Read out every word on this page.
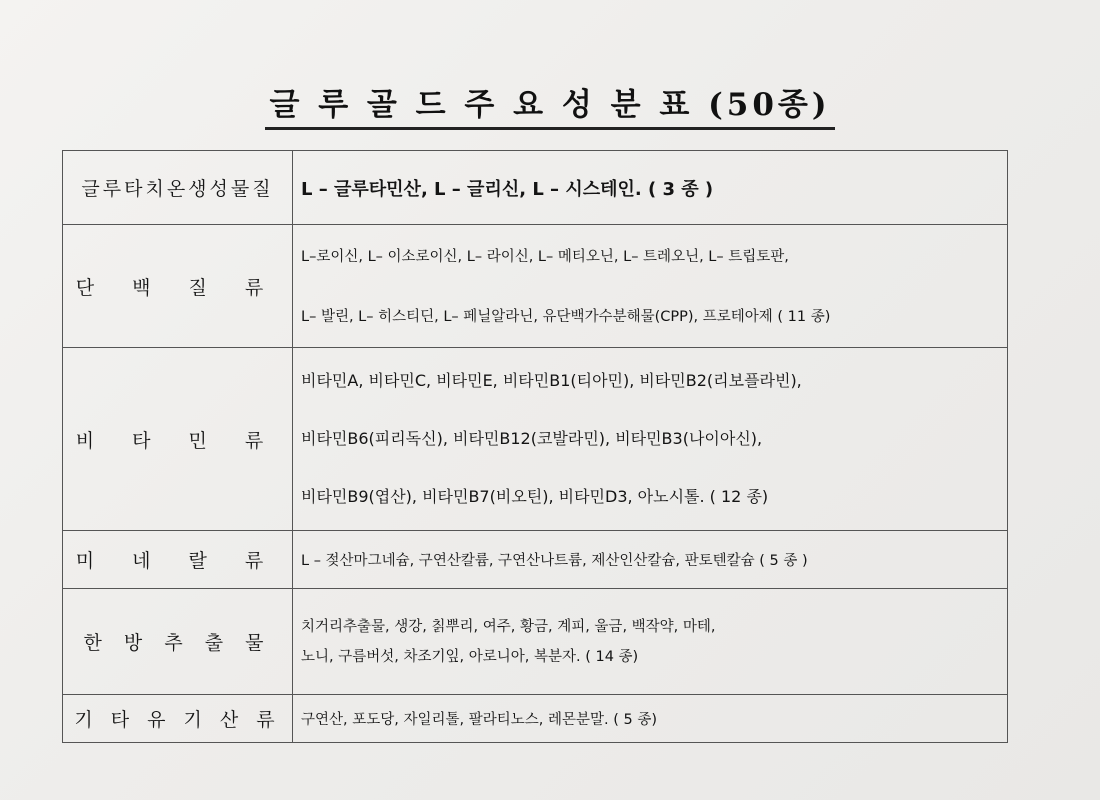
글 루 골 드 주 요 성 분 표 (50종)
글루타치온생성물질	L – 글루타민산, L – 글리신, L – 시스테인. ( 3 종 )

단 백 질 류	L–로이신, L– 이소로이신, L– 라이신, L– 메티오닌, L– 트레오닌, L– 트립토판,
L– 발린, L– 히스티딘, L– 페닐알라닌, 유단백가수분해물(CPP), 프로테아제 ( 11 종)

비 타 민 류	비타민A, 비타민C, 비타민E, 비타민B1(티아민), 비타민B2(리보플라빈),
비타민B6(피리독신), 비타민B12(코발라민), 비타민B3(나이아신),
비타민B9(엽산), 비타민B7(비오틴), 비타민D3, 아노시톨. ( 12 종)

미 네 랄 류	L – 젖산마그네슘, 구연산칼륨, 구연산나트륨, 제산인산칼슘, 판토텐칼슘 ( 5 종 )

한 방 추 출 물	치거리추출물, 생강, 칡뿌리, 여주, 황금, 계피, 울금, 백작약, 마테,
노니, 구름버섯, 차조기잎, 아로니아, 복분자. ( 14 종)

기 타 유 기 산 류	구연산, 포도당, 자일리톨, 팔라티노스, 레몬분말. ( 5 종)
